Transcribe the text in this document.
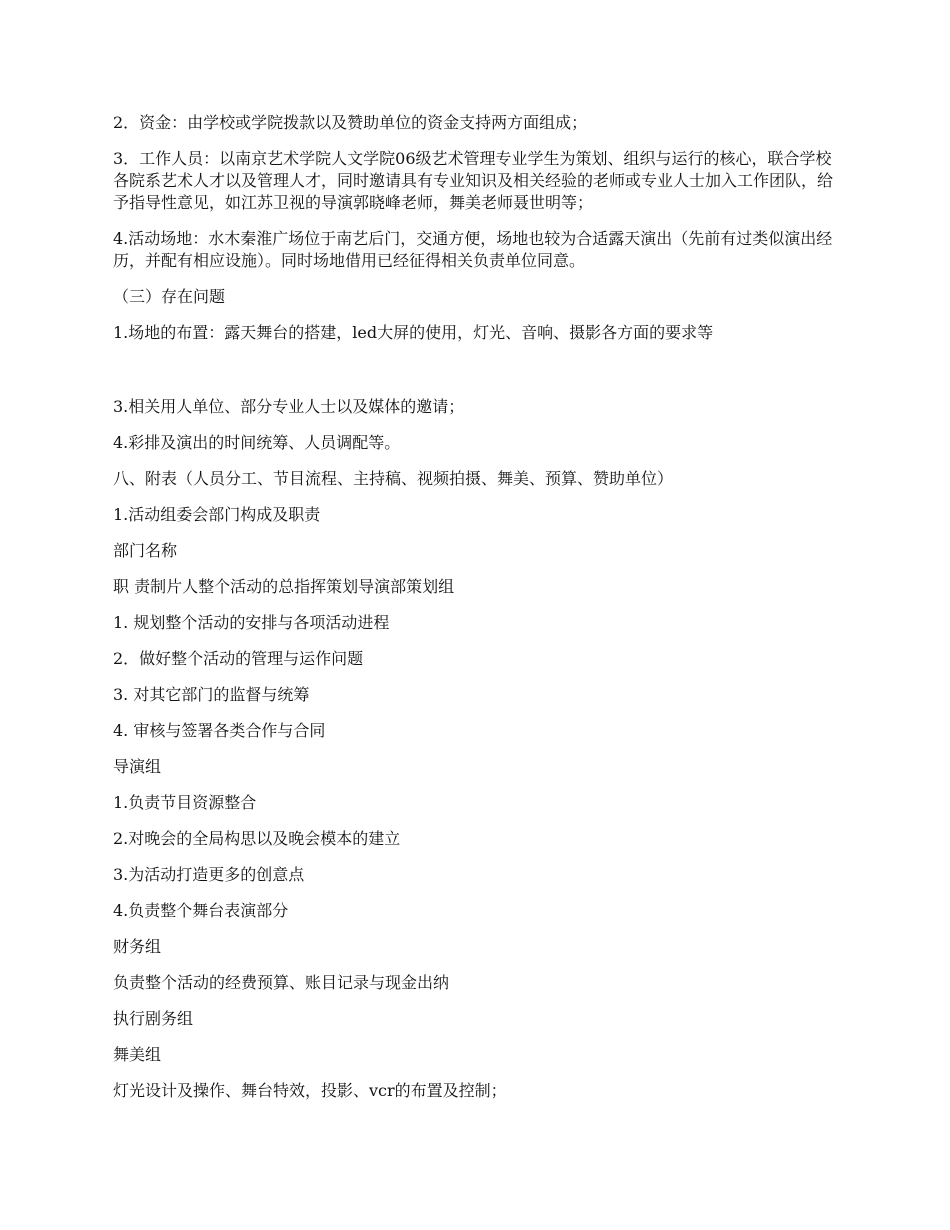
2．资金：由学校或学院拨款以及赞助单位的资金支持两方面组成；

3．工作人员：以南京艺术学院人文学院06级艺术管理专业学生为策划、组织与运行的核心，联合学校各院系艺术人才以及管理人才，同时邀请具有专业知识及相关经验的老师或专业人士加入工作团队，给予指导性意见，如江苏卫视的导演郭晓峰老师，舞美老师聂世明等；

4.活动场地：水木秦淮广场位于南艺后门，交通方便，场地也较为合适露天演出（先前有过类似演出经历，并配有相应设施）。同时场地借用已经征得相关负责单位同意。

（三）存在问题

1.场地的布置：露天舞台的搭建，led大屏的使用，灯光、音响、摄影各方面的要求等

3.相关用人单位、部分专业人士以及媒体的邀请；

4.彩排及演出的时间统筹、人员调配等。

八、附表（人员分工、节目流程、主持稿、视频拍摄、舞美、预算、赞助单位）

1.活动组委会部门构成及职责

部门名称

职 责制片人整个活动的总指挥策划导演部策划组

1. 规划整个活动的安排与各项活动进程

2．做好整个活动的管理与运作问题

3. 对其它部门的监督与统筹

4. 审核与签署各类合作与合同

导演组

1.负责节目资源整合

2.对晚会的全局构思以及晚会模本的建立

3.为活动打造更多的创意点

4.负责整个舞台表演部分

财务组

负责整个活动的经费预算、账目记录与现金出纳

执行剧务组

舞美组

灯光设计及操作、舞台特效，投影、vcr的布置及控制；
